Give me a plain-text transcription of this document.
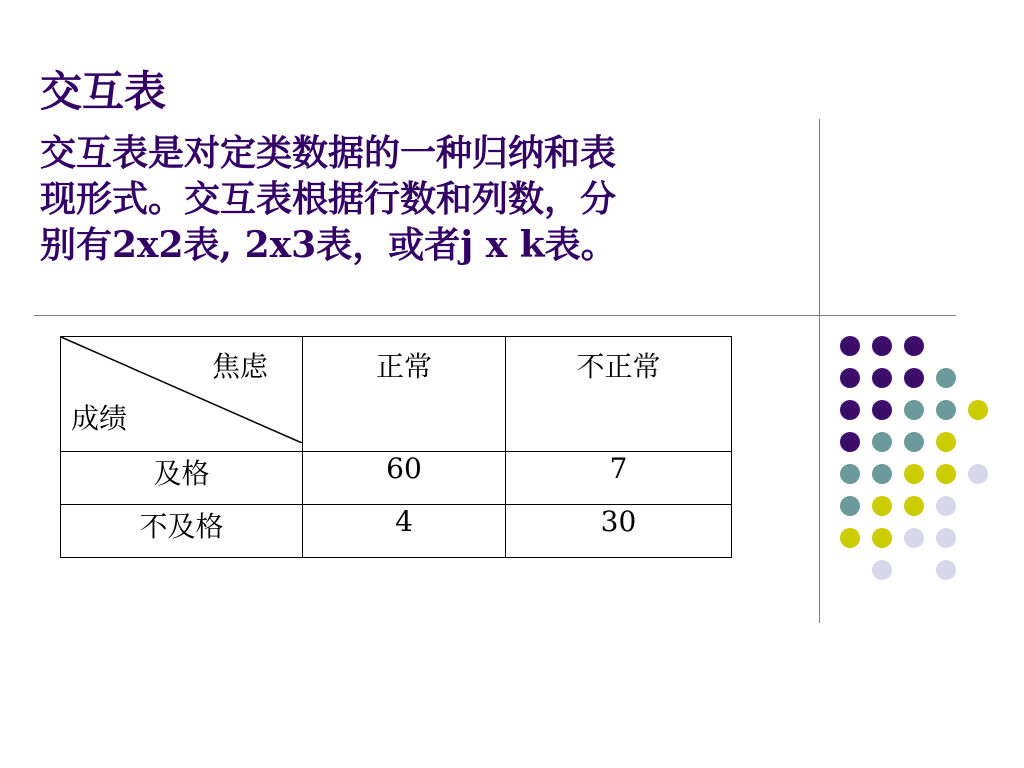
交互表
交互表是对定类数据的一种归纳和表
现形式。交互表根据行数和列数，分
别有2x2表, 2x3表，或者j x k表。
焦虑
成绩	正常	不正常
及格	60	7
不及格	4	30
